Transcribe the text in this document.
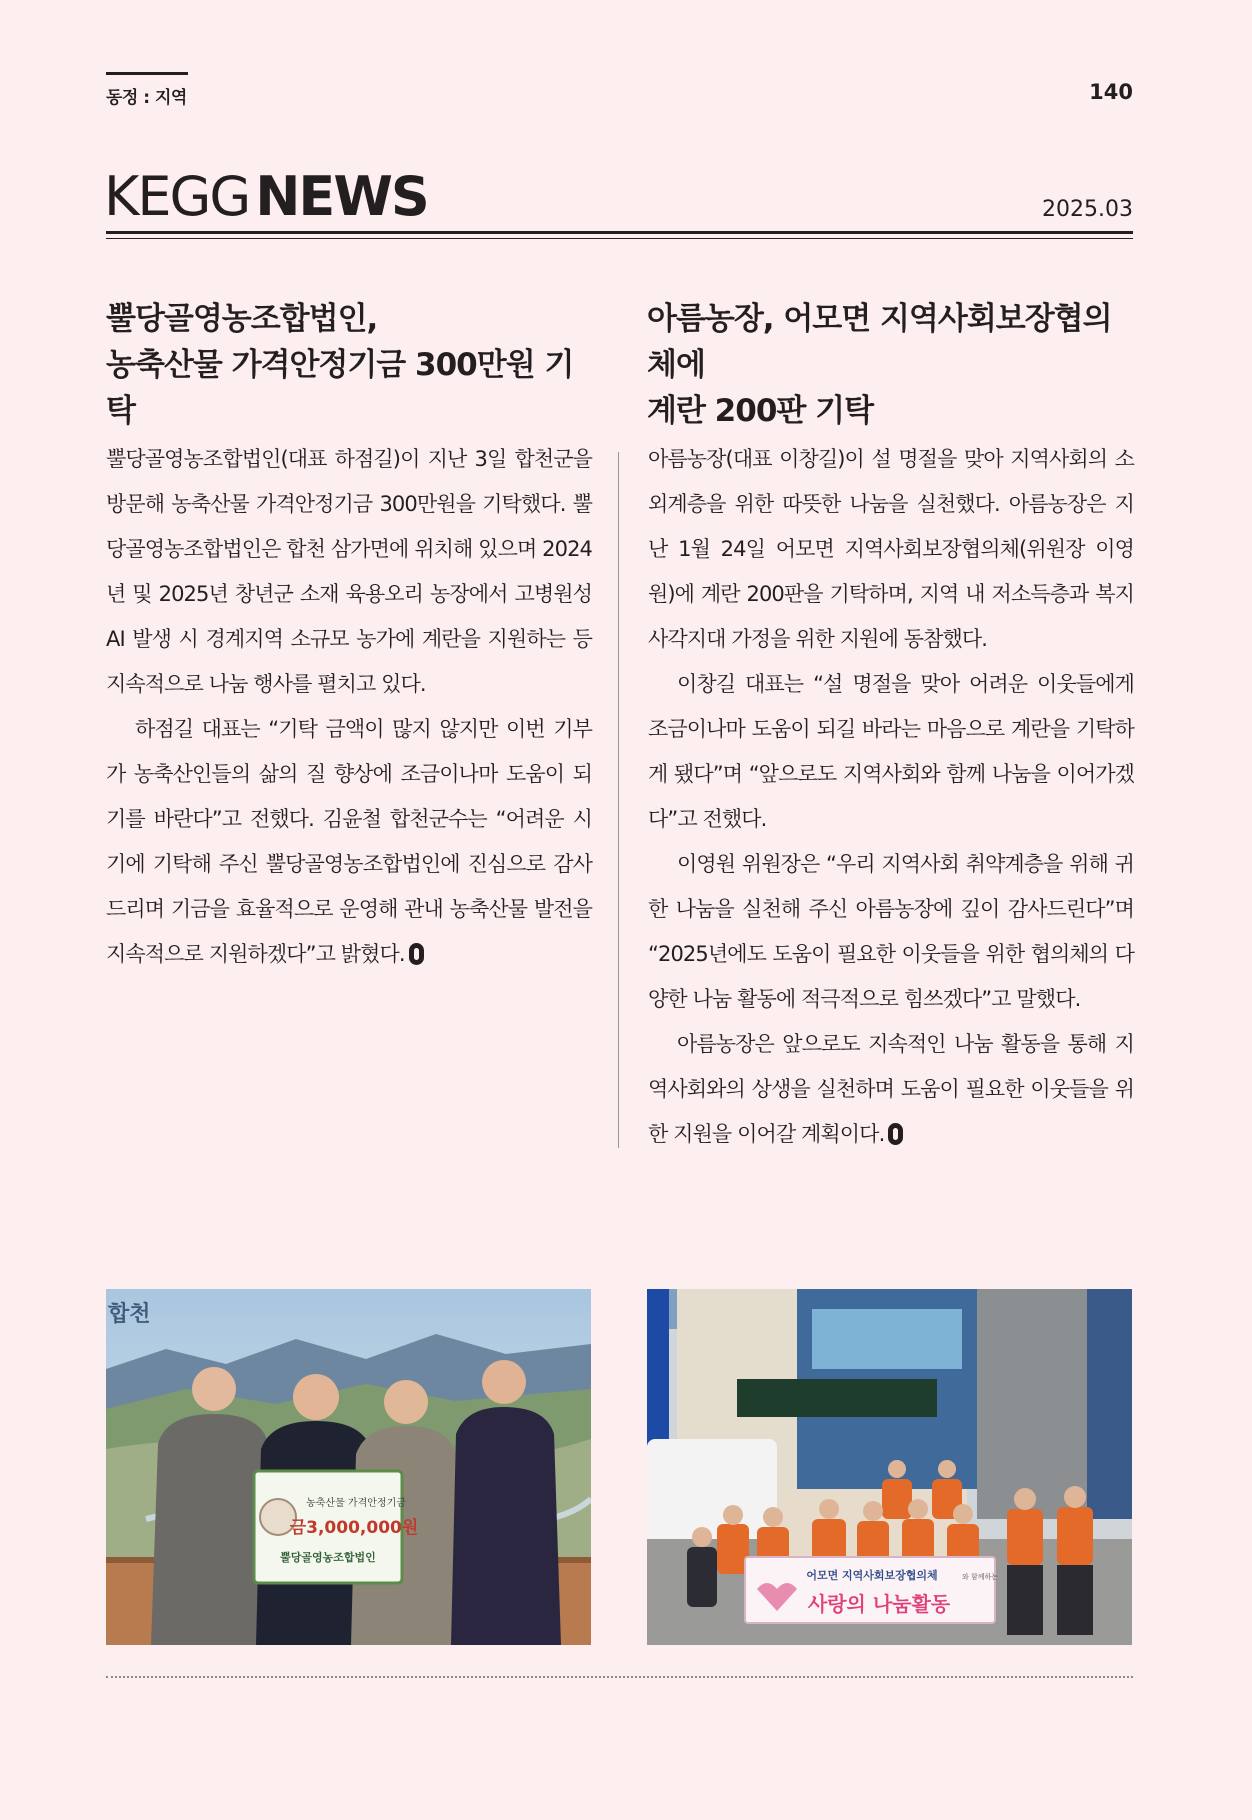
동정 : 지역	140
KEGG NEWS	2025.03
뿔당골영농조합법인,
농축산물 가격안정기금 300만원 기탁

뿔당골영농조합법인(대표 하점길)이 지난 3일 합천군을 방문해 농축산물 가격안정기금 300만원을 기탁했다. 뿔당골영농조합법인은 합천 삼가면에 위치해 있으며 2024년 및 2025년 창년군 소재 육용오리 농장에서 고병원성AI 발생 시 경계지역 소규모 농가에 계란을 지원하는 등 지속적으로 나눔 행사를 펼치고 있다.

하점길 대표는 “기탁 금액이 많지 않지만 이번 기부가 농축산인들의 삶의 질 향상에 조금이나마 도움이 되기를 바란다”고 전했다. 김윤철 합천군수는 “어려운 시기에 기탁해 주신 뿔당골영농조합법인에 진심으로 감사드리며 기금을 효율적으로 운영해 관내 농축산물 발전을 지속적으로 지원하겠다”고 밝혔다.

아름농장, 어모면 지역사회보장협의체에
계란 200판 기탁

아름농장(대표 이창길)이 설 명절을 맞아 지역사회의 소외계층을 위한 따뜻한 나눔을 실천했다. 아름농장은 지난 1월 24일 어모면 지역사회보장협의체(위원장 이영원)에 계란 200판을 기탁하며, 지역 내 저소득층과 복지사각지대 가정을 위한 지원에 동참했다.

이창길 대표는 “설 명절을 맞아 어려운 이웃들에게 조금이나마 도움이 되길 바라는 마음으로 계란을 기탁하게 됐다”며 “앞으로도 지역사회와 함께 나눔을 이어가겠다”고 전했다.

이영원 위원장은 “우리 지역사회 취약계층을 위해 귀한 나눔을 실천해 주신 아름농장에 깊이 감사드린다”며 “2025년에도 도움이 필요한 이웃들을 위한 협의체의 다양한 나눔 활동에 적극적으로 힘쓰겠다”고 말했다.

아름농장은 앞으로도 지속적인 나눔 활동을 통해 지역사회와의 상생을 실천하며 도움이 필요한 이웃들을 위한 지원을 이어갈 계획이다.

합천
농축산물 가격안정기금
금3,000,000원
뿔당골영농조합법인
어모면 지역사회보장협의체	와 함께하는
사랑의 나눔활동
